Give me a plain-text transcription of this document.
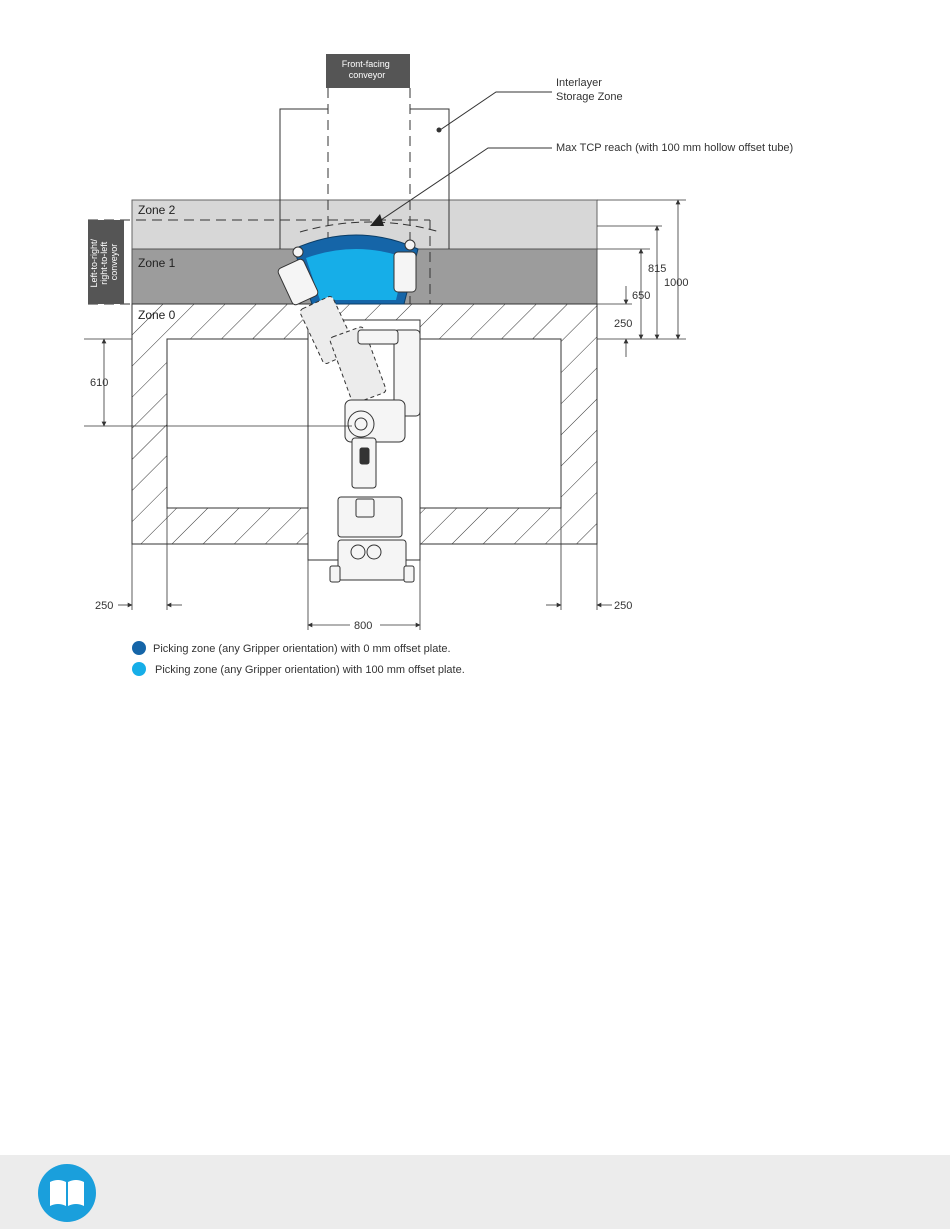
Left-to-right/ right-to-left conveyor
Front-facing conveyor
Zone 2
Zone 1
Zone 0
Interlayer Storage Zone
Max TCP reach (with 100 mm hollow offset tube)
815
1000
650
250
610
250	250
800
Picking zone (any Gripper orientation) with 0 mm offset plate.
Picking zone (any Gripper orientation) with 100 mm offset plate.
